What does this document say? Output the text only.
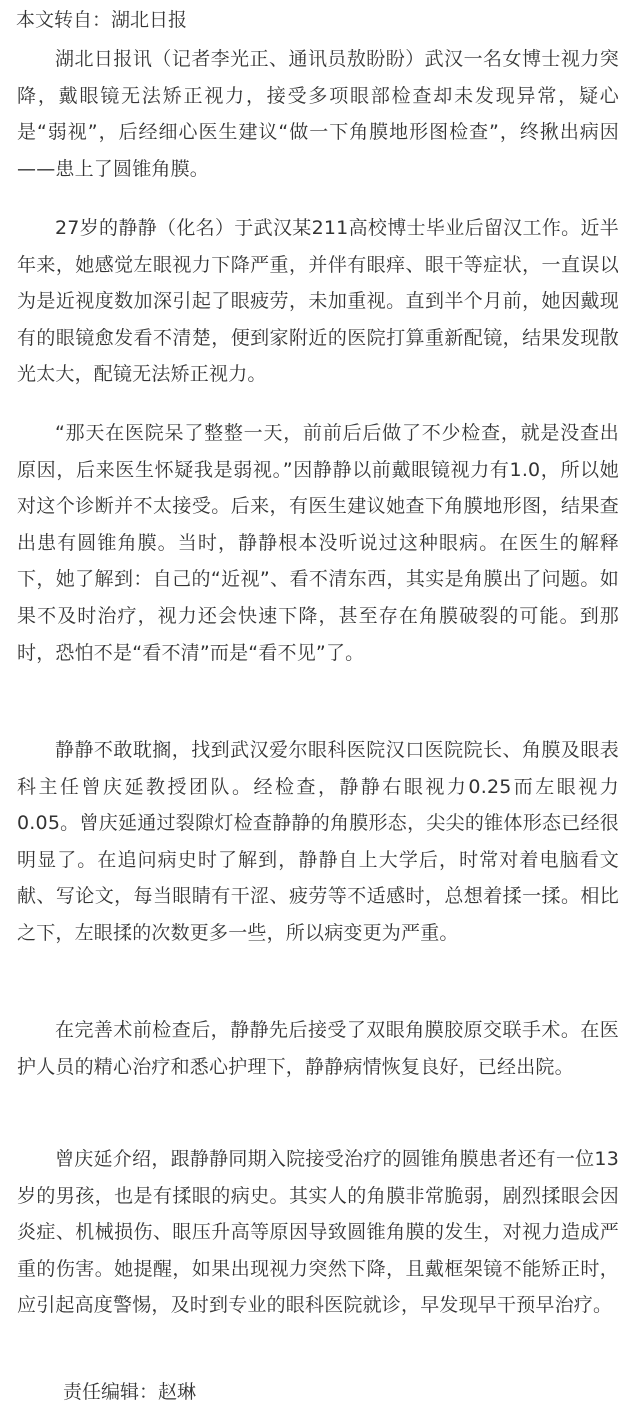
本文转自：湖北日报

湖北日报讯（记者李光正、通讯员敖盼盼）武汉一名女博士视力突降，戴眼镜无法矫正视力，接受多项眼部检查却未发现异常，疑心是“弱视”，后经细心医生建议“做一下角膜地形图检查”，终揪出病因——患上了圆锥角膜。

27岁的静静（化名）于武汉某211高校博士毕业后留汉工作。近半年来，她感觉左眼视力下降严重，并伴有眼痒、眼干等症状，一直误以为是近视度数加深引起了眼疲劳，未加重视。直到半个月前，她因戴现有的眼镜愈发看不清楚，便到家附近的医院打算重新配镜，结果发现散光太大，配镜无法矫正视力。

“那天在医院呆了整整一天，前前后后做了不少检查，就是没查出原因，后来医生怀疑我是弱视。”因静静以前戴眼镜视力有1.0，所以她对这个诊断并不太接受。后来，有医生建议她查下角膜地形图，结果查出患有圆锥角膜。当时，静静根本没听说过这种眼病。在医生的解释下，她了解到：自己的“近视”、看不清东西，其实是角膜出了问题。如果不及时治疗，视力还会快速下降，甚至存在角膜破裂的可能。到那时，恐怕不是“看不清”而是“看不见”了。

静静不敢耽搁，找到武汉爱尔眼科医院汉口医院院长、角膜及眼表科主任曾庆延教授团队。经检查，静静右眼视力0.25而左眼视力0.05。曾庆延通过裂隙灯检查静静的角膜形态，尖尖的锥体形态已经很明显了。在追问病史时了解到，静静自上大学后，时常对着电脑看文献、写论文，每当眼睛有干涩、疲劳等不适感时，总想着揉一揉。相比之下，左眼揉的次数更多一些，所以病变更为严重。

在完善术前检查后，静静先后接受了双眼角膜胶原交联手术。在医护人员的精心治疗和悉心护理下，静静病情恢复良好，已经出院。

曾庆延介绍，跟静静同期入院接受治疗的圆锥角膜患者还有一位13岁的男孩，也是有揉眼的病史。其实人的角膜非常脆弱，剧烈揉眼会因炎症、机械损伤、眼压升高等原因导致圆锥角膜的发生，对视力造成严重的伤害。她提醒，如果出现视力突然下降，且戴框架镜不能矫正时，应引起高度警惕，及时到专业的眼科医院就诊，早发现早干预早治疗。

责任编辑：赵琳
